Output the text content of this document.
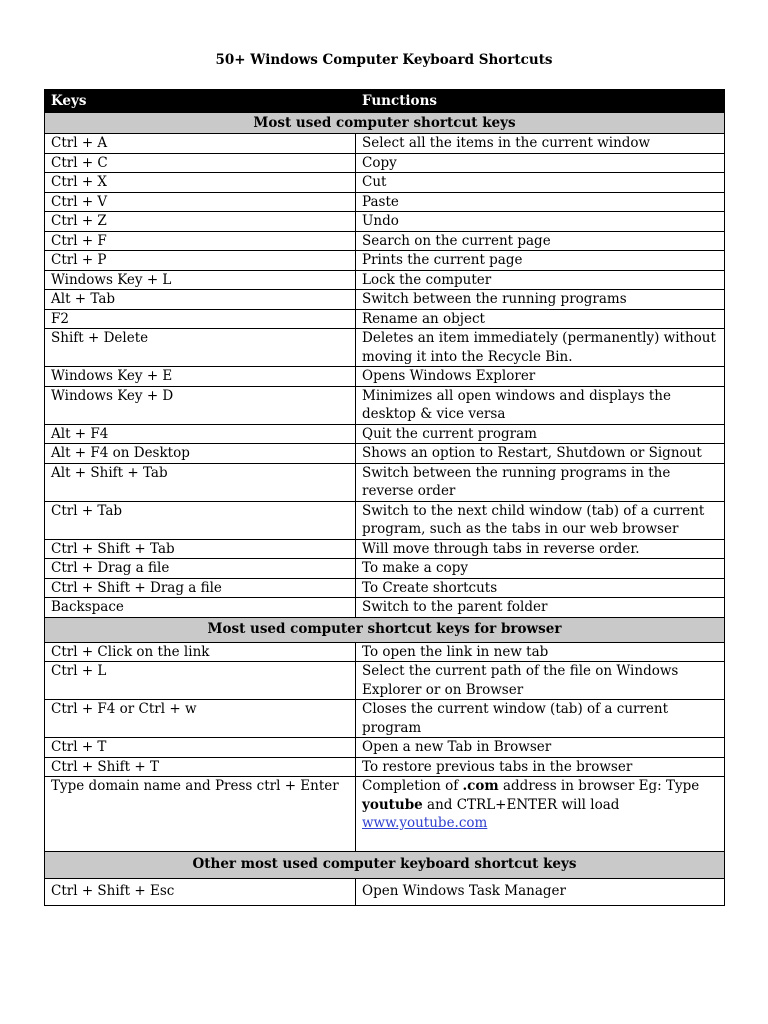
50+ Windows Computer Keyboard Shortcuts
Keys	Functions
Most used computer shortcut keys	
Ctrl + A	Select all the items in the current window
Ctrl + C	Copy
Ctrl + X	Cut
Ctrl + V	Paste
Ctrl + Z	Undo
Ctrl + F	Search on the current page
Ctrl + P	Prints the current page
Windows Key + L	Lock the computer
Alt + Tab	Switch between the running programs
F2	Rename an object
Shift + Delete	Deletes an item immediately (permanently) without moving it into the Recycle Bin.
Windows Key + E	Opens Windows Explorer
Windows Key + D	Minimizes all open windows and displays the desktop & vice versa
Alt + F4	Quit the current program
Alt + F4 on Desktop	Shows an option to Restart, Shutdown or Signout
Alt + Shift + Tab	Switch between the running programs in the reverse order
Ctrl + Tab	Switch to the next child window (tab) of a current program, such as the tabs in our web browser
Ctrl + Shift + Tab	Will move through tabs in reverse order.
Ctrl + Drag a file	To make a copy
Ctrl + Shift + Drag a file	To Create shortcuts
Backspace	Switch to the parent folder
Most used computer shortcut keys for browser	
Ctrl + Click on the link	To open the link in new tab
Ctrl + L	Select the current path of the file on Windows Explorer or on Browser
Ctrl + F4 or Ctrl + w	Closes the current window (tab) of a current program
Ctrl + T	Open a new Tab in Browser
Ctrl + Shift + T	To restore previous tabs in the browser
Type domain name and Press ctrl + Enter	Completion of .com address in browser Eg: Type youtube and CTRL+ENTER will load www.youtube.com
Other most used computer keyboard shortcut keys	
Ctrl + Shift + Esc	Open Windows Task Manager
